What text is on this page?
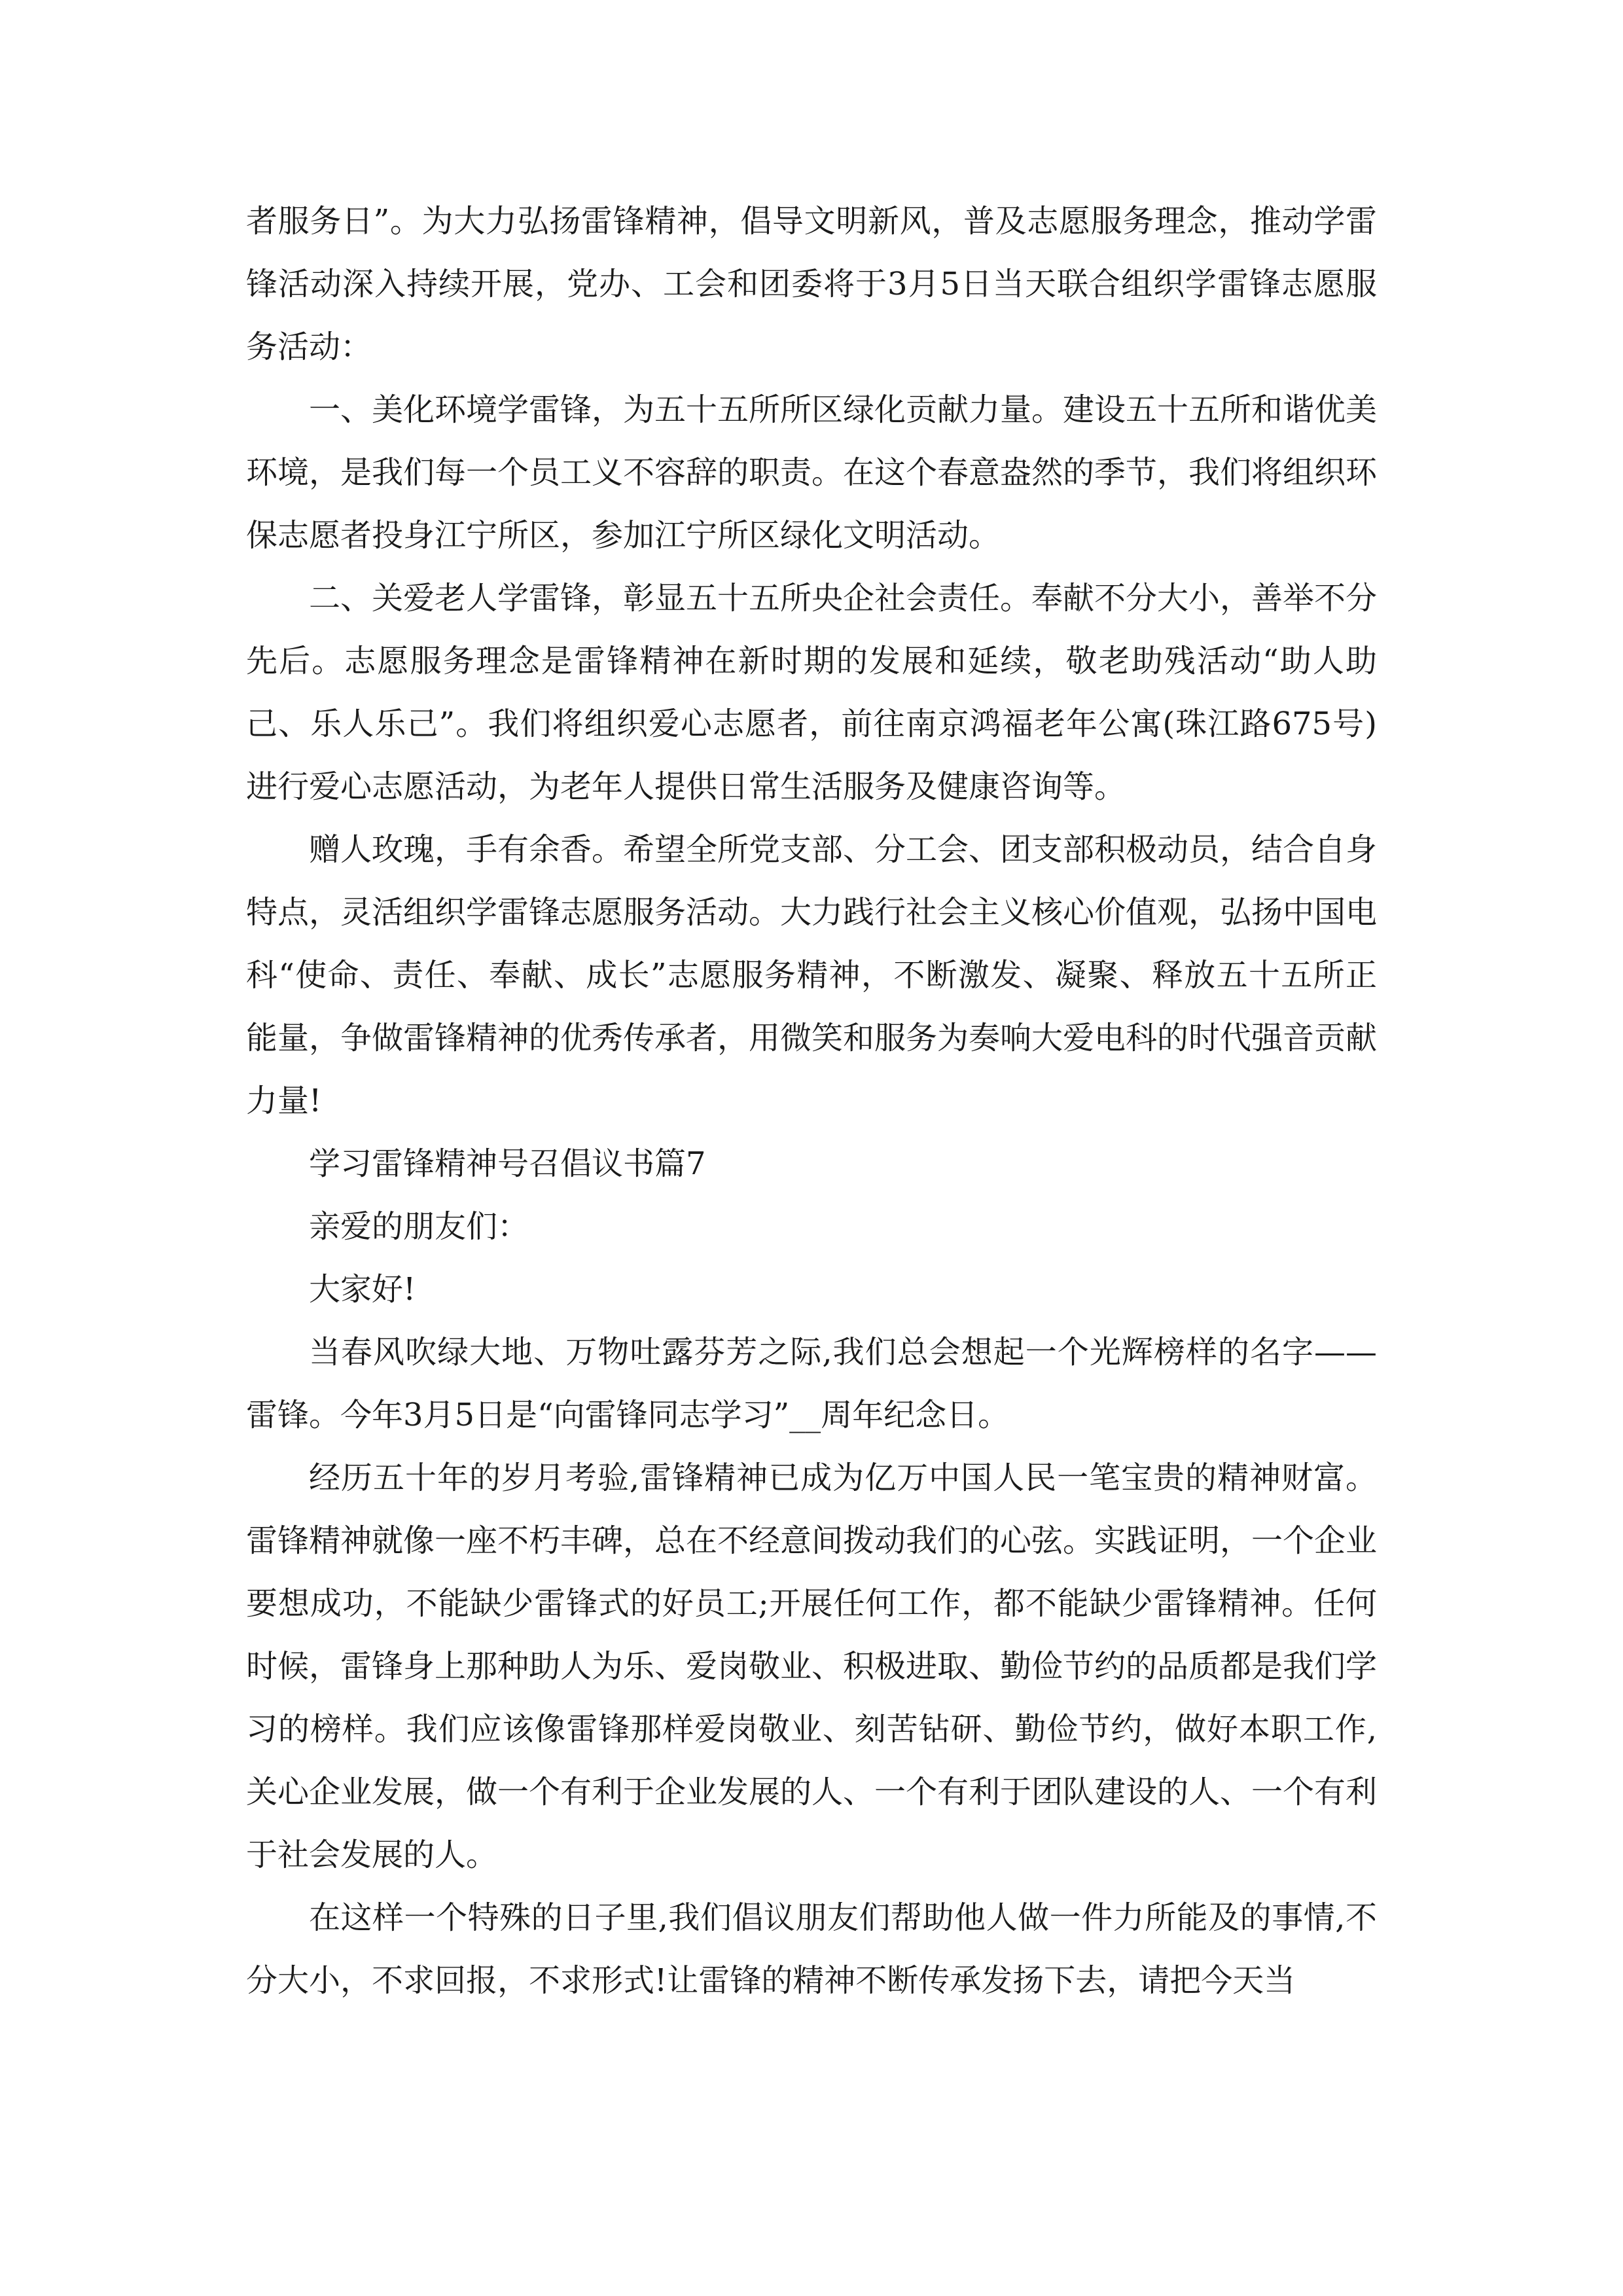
者服务日”。为大力弘扬雷锋精神，倡导文明新风，普及志愿服务理念，推动学雷锋活动深入持续开展，党办、工会和团委将于3月5日当天联合组织学雷锋志愿服务活动：

一、美化环境学雷锋，为五十五所所区绿化贡献力量。建设五十五所和谐优美环境，是我们每一个员工义不容辞的职责。在这个春意盎然的季节，我们将组织环保志愿者投身江宁所区，参加江宁所区绿化文明活动。

二、关爱老人学雷锋，彰显五十五所央企社会责任。奉献不分大小，善举不分先后。志愿服务理念是雷锋精神在新时期的发展和延续，敬老助残活动“助人助己、乐人乐己”。我们将组织爱心志愿者，前往南京鸿福老年公寓(珠江路675号)进行爱心志愿活动，为老年人提供日常生活服务及健康咨询等。

赠人玫瑰，手有余香。希望全所党支部、分工会、团支部积极动员，结合自身特点，灵活组织学雷锋志愿服务活动。大力践行社会主义核心价值观，弘扬中国电科“使命、责任、奉献、成长”志愿服务精神，不断激发、凝聚、释放五十五所正能量，争做雷锋精神的优秀传承者，用微笑和服务为奏响大爱电科的时代强音贡献力量!

学习雷锋精神号召倡议书篇7

亲爱的朋友们：

大家好!

当春风吹绿大地、万物吐露芬芳之际,我们总会想起一个光辉榜样的名字——雷锋。今年3月5日是“向雷锋同志学习”__周年纪念日。

经历五十年的岁月考验,雷锋精神已成为亿万中国人民一笔宝贵的精神财富。雷锋精神就像一座不朽丰碑，总在不经意间拨动我们的心弦。实践证明，一个企业要想成功，不能缺少雷锋式的好员工;开展任何工作，都不能缺少雷锋精神。任何时候，雷锋身上那种助人为乐、爱岗敬业、积极进取、勤俭节约的品质都是我们学习的榜样。我们应该像雷锋那样爱岗敬业、刻苦钻研、勤俭节约，做好本职工作,关心企业发展，做一个有利于企业发展的人、一个有利于团队建设的人、一个有利于社会发展的人。

在这样一个特殊的日子里,我们倡议朋友们帮助他人做一件力所能及的事情,不分大小，不求回报，不求形式!让雷锋的精神不断传承发扬下去，请把今天当
